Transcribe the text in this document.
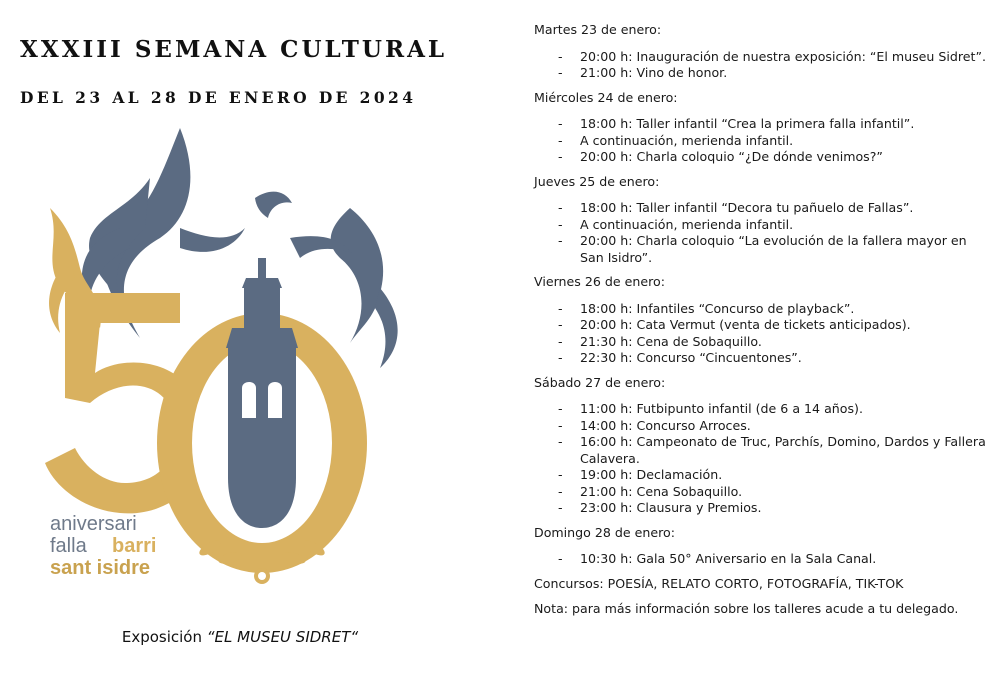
XXXIII SEMANA CULTURAL
DEL 23 AL 28 DE ENERO DE 2024
aniversari
falla barri
sant isidre
Exposición “EL MUSEU SIDRET“
Martes 23 de enero:
- 20:00 h: Inauguración de nuestra exposición: “El museu Sidret”.
- 21:00 h: Vino de honor.
Miércoles 24 de enero:
- 18:00 h: Taller infantil “Crea la primera falla infantil”.
- A continuación, merienda infantil.
- 20:00 h: Charla coloquio “¿De dónde venimos?”
Jueves 25 de enero:
- 18:00 h: Taller infantil “Decora tu pañuelo de Fallas”.
- A continuación, merienda infantil.
- 20:00 h: Charla coloquio “La evolución de la fallera mayor en San Isidro”.
Viernes 26 de enero:
- 18:00 h: Infantiles “Concurso de playback”.
- 20:00 h: Cata Vermut (venta de tickets anticipados).
- 21:30 h: Cena de Sobaquillo.
- 22:30 h: Concurso “Cincuentones”.
Sábado 27 de enero:
- 11:00 h: Futbipunto infantil (de 6 a 14 años).
- 14:00 h: Concurso Arroces.
- 16:00 h: Campeonato de Truc, Parchís, Domino, Dardos y Fallera Calavera.
- 19:00 h: Declamación.
- 21:00 h: Cena Sobaquillo.
- 23:00 h: Clausura y Premios.
Domingo 28 de enero:
- 10:30 h: Gala 50° Aniversario en la Sala Canal.
Concursos: POESÍA, RELATO CORTO, FOTOGRAFÍA, TIK-TOK
Nota: para más información sobre los talleres acude a tu delegado.
